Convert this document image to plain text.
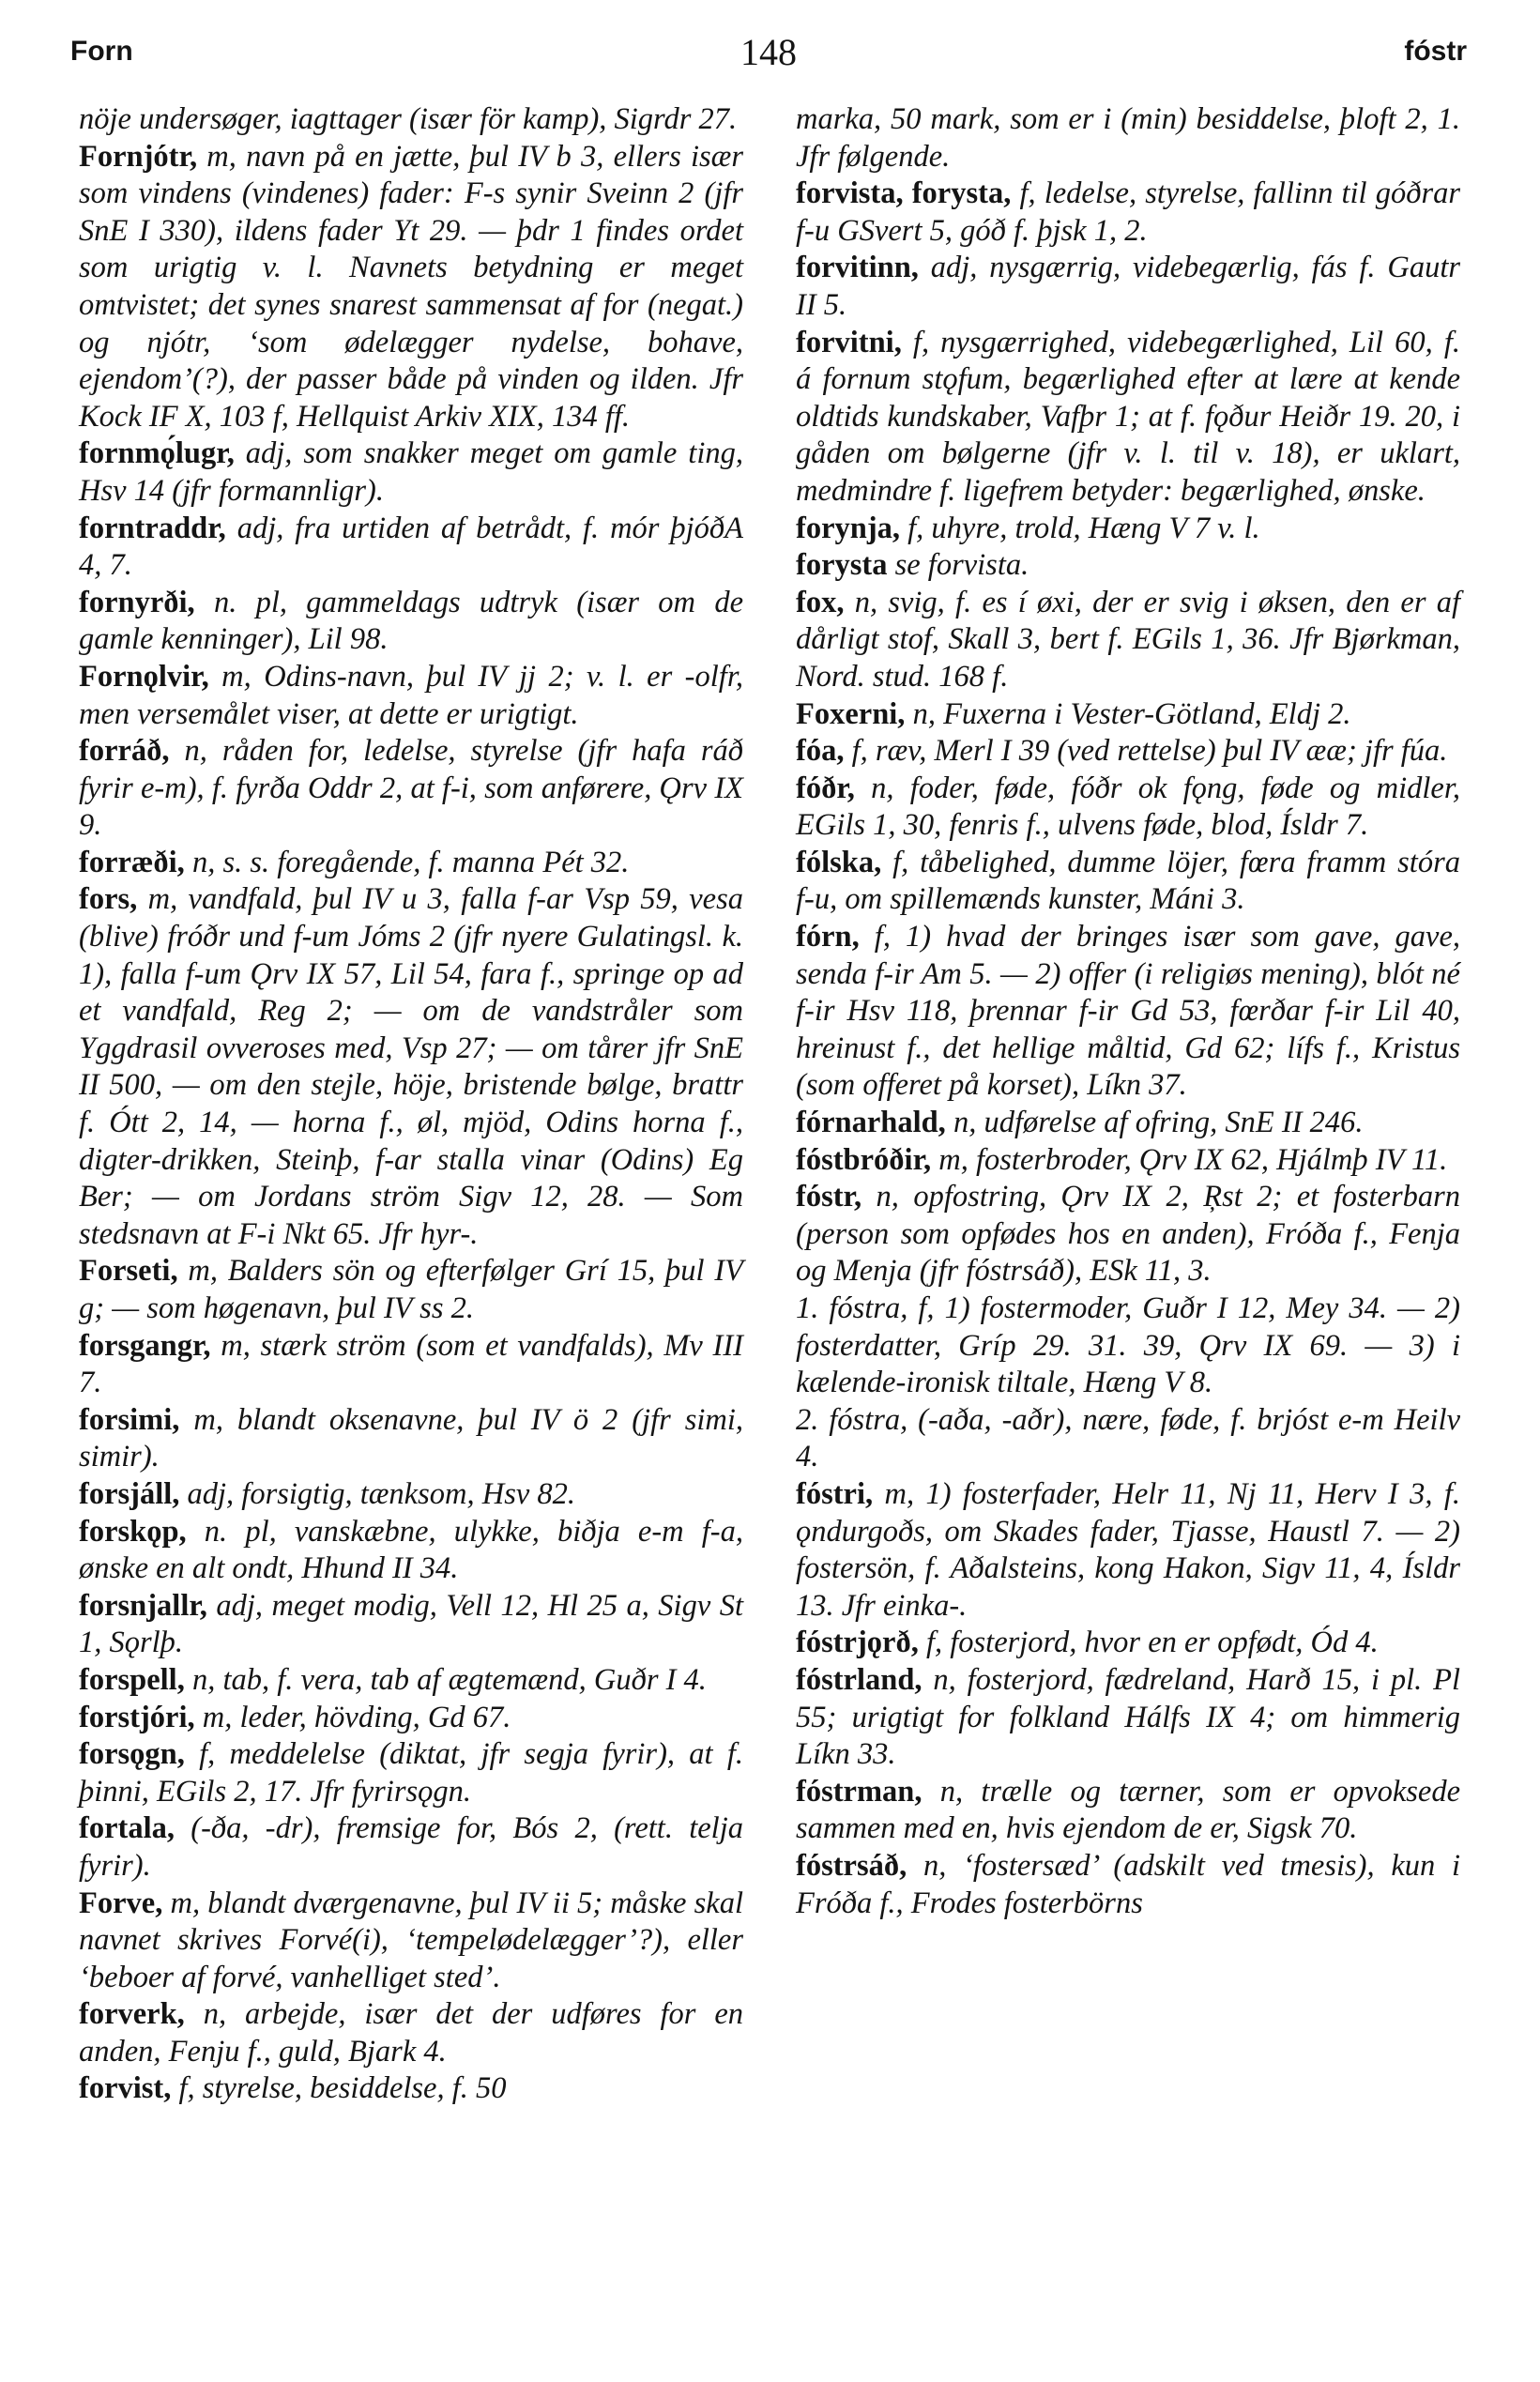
Forn	148	fóstr

nöje undersøger, iagttager (især för kamp), Sigrdr 27.

Fornjótr, m, navn på en jætte, þul IV b 3, ellers især som vindens (vindenes) fader: F-s synir Sveinn 2 (jfr SnE I 330), ildens fader Yt 29. — þdr 1 findes ordet som urigtig v. l. Navnets betydning er meget omtvistet; det synes snarest sammensat af for (negat.) og njótr, ‘som ødelægger nydelse, bohave, ejendom’(?), der passer både på vinden og ilden. Jfr Kock IF X, 103 f, Hellquist Arkiv XIX, 134 ff.

fornmǫ́lugr, adj, som snakker meget om gamle ting, Hsv 14 (jfr formannligr).

forntraddr, adj, fra urtiden af betrådt, f. mór þjóðA 4, 7.

fornyrði, n. pl, gammeldags udtryk (især om de gamle kenninger), Lil 98.

Fornǫlvir, m, Odins-navn, þul IV jj 2; v. l. er -olfr, men versemålet viser, at dette er urigtigt.

forráð, n, råden for, ledelse, styrelse (jfr hafa ráð fyrir e-m), f. fyrða Oddr 2, at f-i, som anførere, Ǫrv IX 9.

forræði, n, s. s. foregående, f. manna Pét 32.

fors, m, vandfald, þul IV u 3, falla f-ar Vsp 59, vesa (blive) fróðr und f-um Jóms 2 (jfr nyere Gulatingsl. k. 1), falla f-um Ǫrv IX 57, Lil 54, fara f., springe op ad et vandfald, Reg 2; — om de vandstråler som Yggdrasil ovveroses med, Vsp 27; — om tårer jfr SnE II 500, — om den stejle, höje, bristende bølge, brattr f. Ótt 2, 14, — horna f., øl, mjöd, Odins horna f., digter-drikken, Steinþ, f-ar stalla vinar (Odins) Eg Ber; — om Jordans ström Sigv 12, 28. — Som stedsnavn at F-i Nkt 65. Jfr hyr-.

Forseti, m, Balders sön og efterfølger Grí 15, þul IV g; — som høgenavn, þul IV ss 2.

forsgangr, m, stærk ström (som et vandfalds), Mv III 7.

forsimi, m, blandt oksenavne, þul IV ö 2 (jfr simi, simir).

forsjáll, adj, forsigtig, tænksom, Hsv 82.

forskǫp, n. pl, vanskæbne, ulykke, biðja e-m f-a, ønske en alt ondt, Hhund II 34.

forsnjallr, adj, meget modig, Vell 12, Hl 25 a, Sigv St 1, Sǫrlþ.

forspell, n, tab, f. vera, tab af ægtemænd, Guðr I 4.

forstjóri, m, leder, hövding, Gd 67.

forsǫgn, f, meddelelse (diktat, jfr segja fyrir), at f. þinni, EGils 2, 17. Jfr fyrirsǫgn.

fortala, (-ða, -dr), fremsige for, Bós 2, (rett. telja fyrir).

Forve, m, blandt dværgenavne, þul IV ii 5; måske skal navnet skrives Forvé(i), ‘tempelødelægger’?), eller ‘beboer af forvé, vanhelliget sted’.

forverk, n, arbejde, især det der udføres for en anden, Fenju f., guld, Bjark 4.

forvist, f, styrelse, besiddelse, f. 50

marka, 50 mark, som er i (min) besiddelse, þloft 2, 1. Jfr følgende.

forvista, forysta, f, ledelse, styrelse, fallinn til góðrar f-u GSvert 5, góð f. þjsk 1, 2.

forvitinn, adj, nysgærrig, videbegærlig, fás f. Gautr II 5.

forvitni, f, nysgærrighed, videbegærlighed, Lil 60, f. á fornum stǫfum, begærlighed efter at lære at kende oldtids kundskaber, Vafþr 1; at f. fǫður Heiðr 19. 20, i gåden om bølgerne (jfr v. l. til v. 18), er uklart, medmindre f. ligefrem betyder: begærlighed, ønske.

forynja, f, uhyre, trold, Hæng V 7 v. l.

forysta se forvista.

fox, n, svig, f. es í øxi, der er svig i øksen, den er af dårligt stof, Skall 3, bert f. EGils 1, 36. Jfr Bjørkman, Nord. stud. 168 f.

Foxerni, n, Fuxerna i Vester-Götland, Eldj 2.

fóa, f, ræv, Merl I 39 (ved rettelse) þul IV ææ; jfr fúa.

fóðr, n, foder, føde, fóðr ok fǫng, føde og midler, EGils 1, 30, fenris f., ulvens føde, blod, Ísldr 7.

fólska, f, tåbelighed, dumme löjer, fœra framm stóra f-u, om spillemænds kunster, Máni 3.

fórn, f, 1) hvad der bringes især som gave, gave, senda f-ir Am 5. — 2) offer (i religiøs mening), blót né f-ir Hsv 118, þrennar f-ir Gd 53, fœrðar f-ir Lil 40, hreinust f., det hellige måltid, Gd 62; lífs f., Kristus (som offeret på korset), Líkn 37.

fórnarhald, n, udførelse af ofring, SnE II 246.

fóstbróðir, m, fosterbroder, Ǫrv IX 62, Hjálmþ IV 11.

fóstr, n, opfostring, Ǫrv IX 2, Ŗst 2; et fosterbarn (person som opfødes hos en anden), Fróða f., Fenja og Menja (jfr fóstrsáð), ESk 11, 3.

1. fóstra, f, 1) fostermoder, Guðr I 12, Mey 34. — 2) fosterdatter, Gríp 29. 31. 39, Ǫrv IX 69. — 3) i kælende-ironisk tiltale, Hæng V 8.

2. fóstra, (-aða, -aðr), nære, føde, f. brjóst e-m Heilv 4.

fóstri, m, 1) fosterfader, Helr 11, Nj 11, Herv I 3, f. ǫndurgoðs, om Skades fader, Tjasse, Haustl 7. — 2) fostersön, f. Aðalsteins, kong Hakon, Sigv 11, 4, Ísldr 13. Jfr einka-.

fóstrjǫrð, f, fosterjord, hvor en er opfødt, Ód 4.

fóstrland, n, fosterjord, fædreland, Harð 15, i pl. Pl 55; urigtigt for folkland Hálfs IX 4; om himmerig Líkn 33.

fóstrman, n, trælle og tærner, som er opvoksede sammen med en, hvis ejendom de er, Sigsk 70.

fóstrsáð, n, ‘fostersæd’ (adskilt ved tmesis), kun i Fróða f., Frodes fosterbörns
